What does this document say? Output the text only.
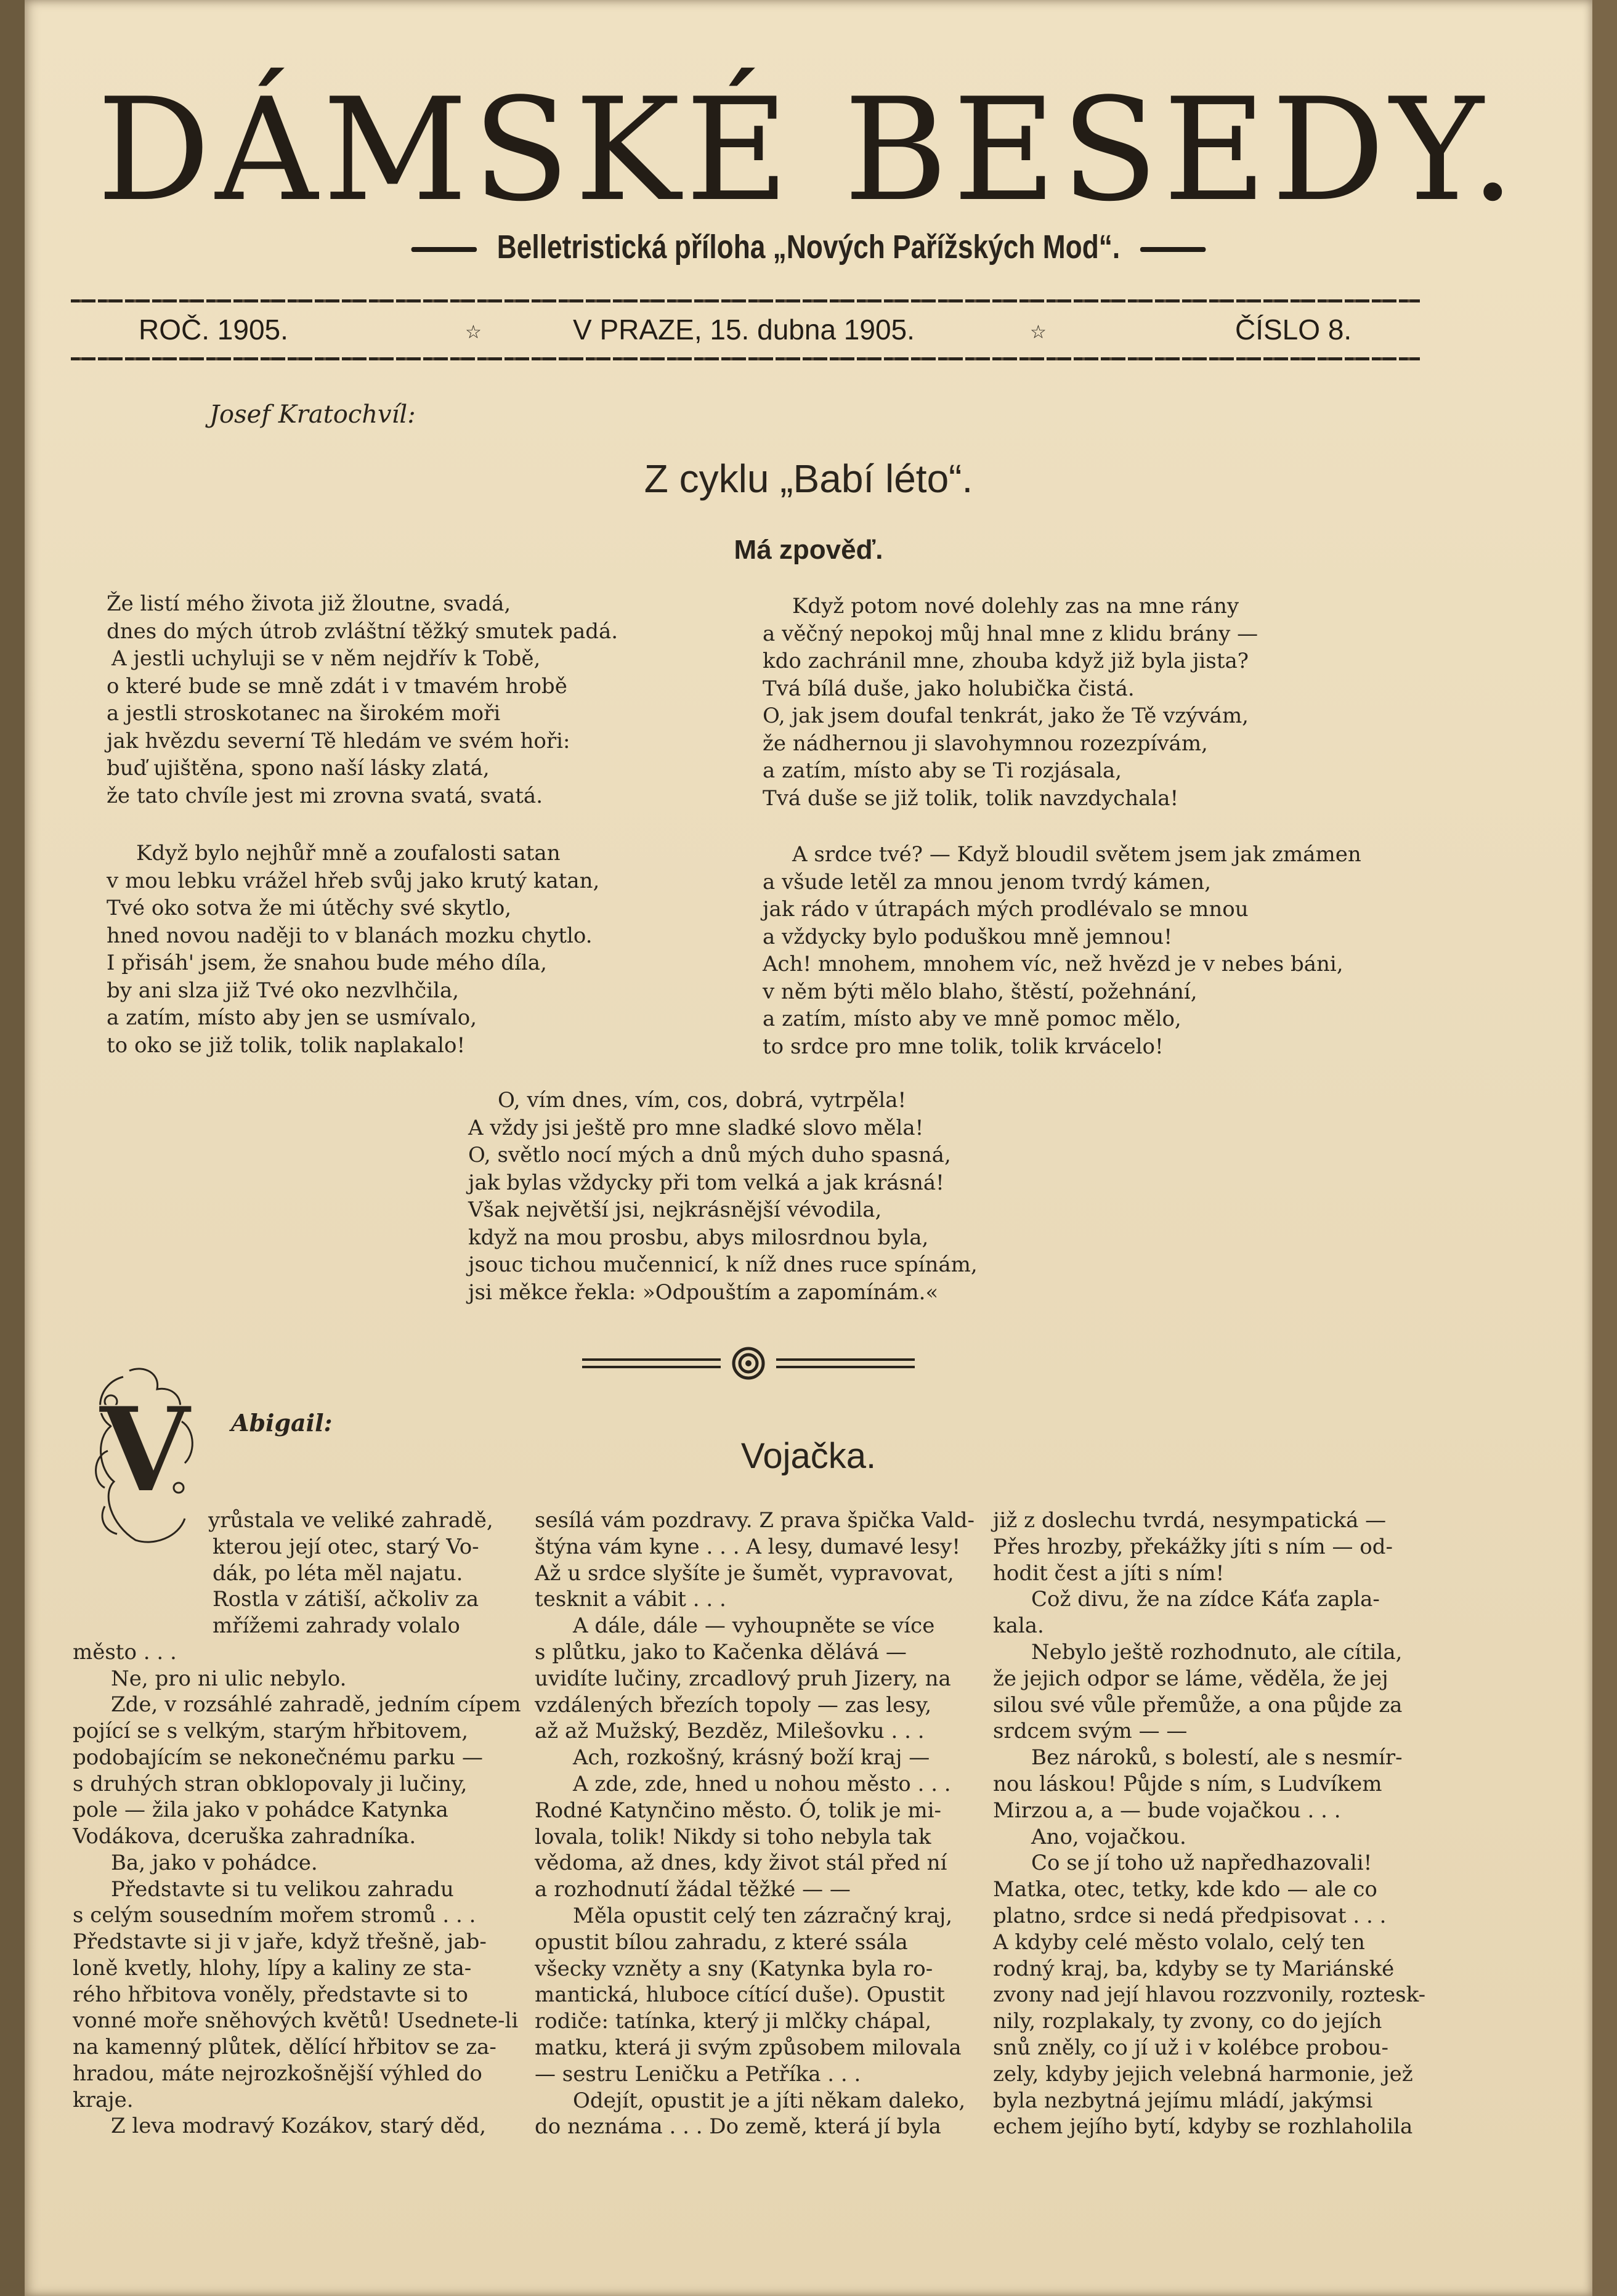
DÁMSKÉ BESEDY.
Belletristická příloha „Nových Pařížských Mod“.
ROČ. 1905.	☆	V PRAZE, 15. dubna 1905.	☆	ČÍSLO 8.
Josef Kratochvíl:
Z cyklu „Babí léto“.
Má zpověď.
Že listí mého života již žloutne, svadá,
dnes do mých útrob zvláštní těžký smutek padá.
A jestli uchyluji se v něm nejdřív k Tobě,
o které bude se mně zdát i v tmavém hrobě
a jestli stroskotanec na širokém moři
jak hvězdu severní Tě hledám ve svém hoři:
buď ujištěna, spono naší lásky zlatá,
že tato chvíle jest mi zrovna svatá, svatá.
Když bylo nejhůř mně a zoufalosti satan
v mou lebku vrážel hřeb svůj jako krutý katan,
Tvé oko sotva že mi útěchy své skytlo,
hned novou naději to v blanách mozku chytlo.
I přisáh' jsem, že snahou bude mého díla,
by ani slza již Tvé oko nezvlhčila,
a zatím, místo aby jen se usmívalo,
to oko se již tolik, tolik naplakalo!
Když potom nové dolehly zas na mne rány
a věčný nepokoj můj hnal mne z klidu brány —
kdo zachránil mne, zhouba když již byla jista?
Tvá bílá duše, jako holubička čistá.
O, jak jsem doufal tenkrát, jako že Tě vzývám,
že nádhernou ji slavohymnou rozezpívám,
a zatím, místo aby se Ti rozjásala,
Tvá duše se již tolik, tolik navzdychala!
A srdce tvé? — Když bloudil světem jsem jak zmámen
a všude letěl za mnou jenom tvrdý kámen,
jak rádo v útrapách mých prodlévalo se mnou
a vždycky bylo poduškou mně jemnou!
Ach! mnohem, mnohem víc, než hvězd je v nebes báni,
v něm býti mělo blaho, štěstí, požehnání,
a zatím, místo aby ve mně pomoc mělo,
to srdce pro mne tolik, tolik krvácelo!
O, vím dnes, vím, cos, dobrá, vytrpěla!
A vždy jsi ještě pro mne sladké slovo měla!
O, světlo nocí mých a dnů mých duho spasná,
jak bylas vždycky při tom velká a jak krásná!
Však největší jsi, nejkrásnější vévodila,
když na mou prosbu, abys milosrdnou byla,
jsouc tichou mučennicí, k níž dnes ruce spínám,
jsi měkce řekla: »Odpouštím a zapomínám.«
V Abigail:
Vojačka.
yrůstala ve veliké zahradě,
kterou její otec, starý Vo-
dák, po léta měl najatu.
Rostla v zátiší, ačkoliv za
mřížemi zahrady volalo
město . . .
Ne, pro ni ulic nebylo.
Zde, v rozsáhlé zahradě, jedním cípem
pojící se s velkým, starým hřbitovem,
podobajícím se nekonečnému parku —
s druhých stran obklopovaly ji lučiny,
pole — žila jako v pohádce Katynka
Vodákova, dceruška zahradníka.
Ba, jako v pohádce.
Představte si tu velikou zahradu
s celým sousedním mořem stromů . . .
Představte si ji v jaře, když třešně, jab-
loně kvetly, hlohy, lípy a kaliny ze sta-
rého hřbitova voněly, představte si to
vonné moře sněhových květů! Usednete-li
na kamenný plůtek, dělící hřbitov se za-
hradou, máte nejrozkošnější výhled do
kraje.
Z leva modravý Kozákov, starý děd,
sesílá vám pozdravy. Z prava špička Vald-
štýna vám kyne . . . A lesy, dumavé lesy!
Až u srdce slyšíte je šumět, vypravovat,
tesknit a vábit . . .
A dále, dále — vyhoupněte se více
s plůtku, jako to Kačenka dělává —
uvidíte lučiny, zrcadlový pruh Jizery, na
vzdálených březích topoly — zas lesy,
až až Mužský, Bezděz, Milešovku . . .
Ach, rozkošný, krásný boží kraj —
A zde, zde, hned u nohou město . . .
Rodné Katynčino město. Ó, tolik je mi-
lovala, tolik! Nikdy si toho nebyla tak
vědoma, až dnes, kdy život stál před ní
a rozhodnutí žádal těžké — —
Měla opustit celý ten zázračný kraj,
opustit bílou zahradu, z které ssála
všecky vzněty a sny (Katynka byla ro-
mantická, hluboce cítící duše). Opustit
rodiče: tatínka, který ji mlčky chápal,
matku, která ji svým způsobem milovala
— sestru Leničku a Petříka . . .
Odejít, opustit je a jíti někam daleko,
do neznáma . . . Do země, která jí byla
již z doslechu tvrdá, nesympatická —
Přes hrozby, překážky jíti s ním — od-
hodit čest a jíti s ním!
Což divu, že na zídce Káťa zapla-
kala.
Nebylo ještě rozhodnuto, ale cítila,
že jejich odpor se láme, věděla, že jej
silou své vůle přemůže, a ona půjde za
srdcem svým — —
Bez nároků, s bolestí, ale s nesmír-
nou láskou! Půjde s ním, s Ludvíkem
Mirzou a, a — bude vojačkou . . .
Ano, vojačkou.
Co se jí toho už napředhazovali!
Matka, otec, tetky, kde kdo — ale co
platno, srdce si nedá předpisovat . . .
A kdyby celé město volalo, celý ten
rodný kraj, ba, kdyby se ty Mariánské
zvony nad její hlavou rozzvonily, roztesk-
nily, rozplakaly, ty zvony, co do jejích
snů zněly, co jí už i v kolébce probou-
zely, kdyby jejich velebná harmonie, jež
byla nezbytná jejímu mládí, jakýmsi
echem jejího bytí, kdyby se rozhlaholila
